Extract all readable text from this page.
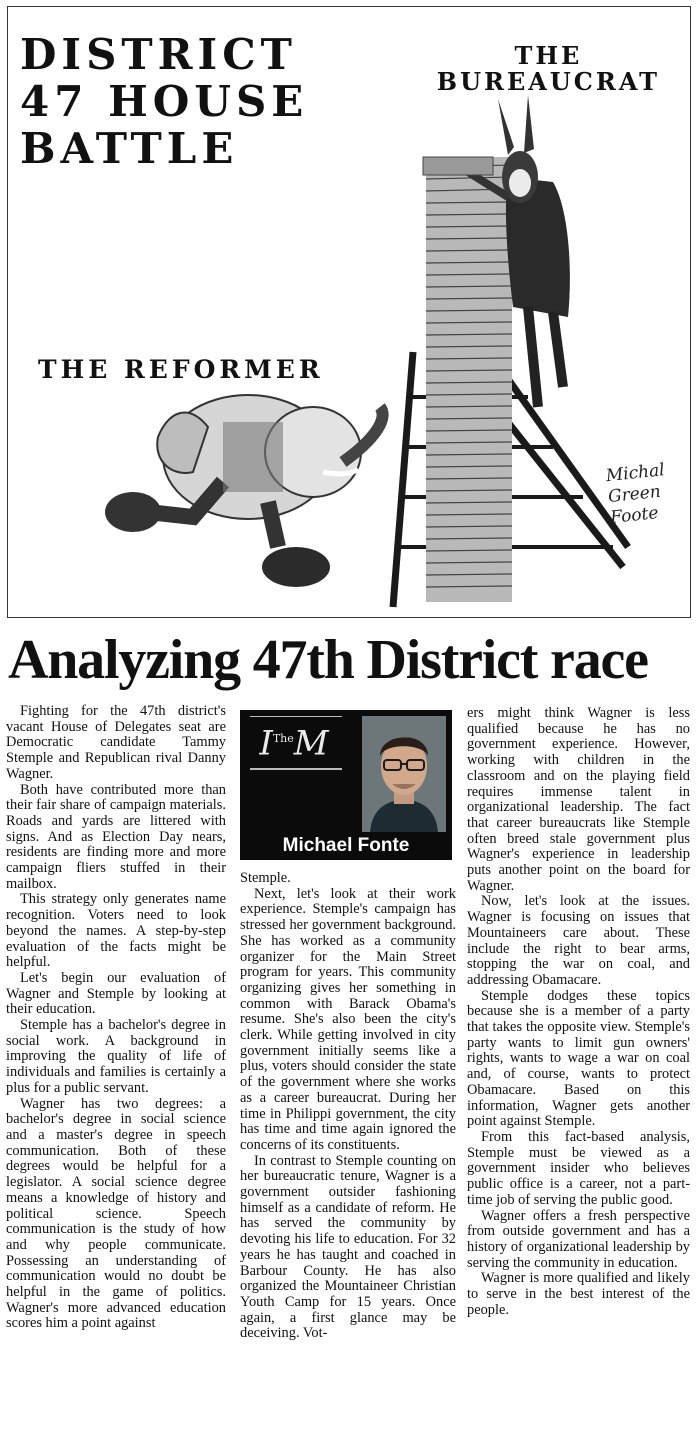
DISTRICT
47 HOUSE
BATTLE
THE
BUREAUCRAT
THE REFORMER
Michal
Green
Foote
Analyzing 47th District race

Fighting for the 47th district's vacant House of Delegates seat are Democratic candidate Tammy Stemple and Republican rival Danny Wagner.

Both have contributed more than their fair share of campaign materials. Roads and yards are littered with signs. And as Election Day nears, residents are finding more and more campaign fliers stuffed in their mailbox.

This strategy only generates name recognition. Voters need to look beyond the names. A step-by-step evaluation of the facts might be helpful.

Let's begin our evaluation of Wagner and Stemple by looking at their education.

Stemple has a bachelor's degree in social work. A background in improving the quality of life of individuals and families is certainly a plus for a public servant.

Wagner has two degrees: a bachelor's degree in social science and a master's degree in speech communication. Both of these degrees would be helpful for a legislator. A social science degree means a knowledge of history and political science. Speech communication is the study of how and why people communicate. Possessing an understanding of communication would no doubt be helpful in the game of politics. Wagner's more advanced education scores him a point against

$I^{The}M$
Michael Fonte

Stemple.

Next, let's look at their work experience. Stemple's campaign has stressed her government background. She has worked as a community organizer for the Main Street program for years. This community organizing gives her something in common with Barack Obama's resume. She's also been the city's clerk. While getting involved in city government initially seems like a plus, voters should consider the state of the government where she works as a career bureaucrat. During her time in Philippi government, the city has time and time again ignored the concerns of its constituents.

In contrast to Stemple counting on her bureaucratic tenure, Wagner is a government outsider fashioning himself as a candidate of reform. He has served the community by devoting his life to education. For 32 years he has taught and coached in Barbour County. He has also organized the Mountaineer Christian Youth Camp for 15 years. Once again, a first glance may be deceiving. Vot-

ers might think Wagner is less qualified because he has no government experience. However, working with children in the classroom and on the playing field requires immense talent in organizational leadership. The fact that career bureaucrats like Stemple often breed stale government plus Wagner's experience in leadership puts another point on the board for Wagner.

Now, let's look at the issues. Wagner is focusing on issues that Mountaineers care about. These include the right to bear arms, stopping the war on coal, and addressing Obamacare.

Stemple dodges these topics because she is a member of a party that takes the opposite view. Stemple's party wants to limit gun owners' rights, wants to wage a war on coal and, of course, wants to protect Obamacare. Based on this information, Wagner gets another point against Stemple.

From this fact-based analysis, Stemple must be viewed as a government insider who believes public office is a career, not a part-time job of serving the public good.

Wagner offers a fresh perspective from outside government and has a history of organizational leadership by serving the community in education.

Wagner is more qualified and likely to serve in the best interest of the people.
